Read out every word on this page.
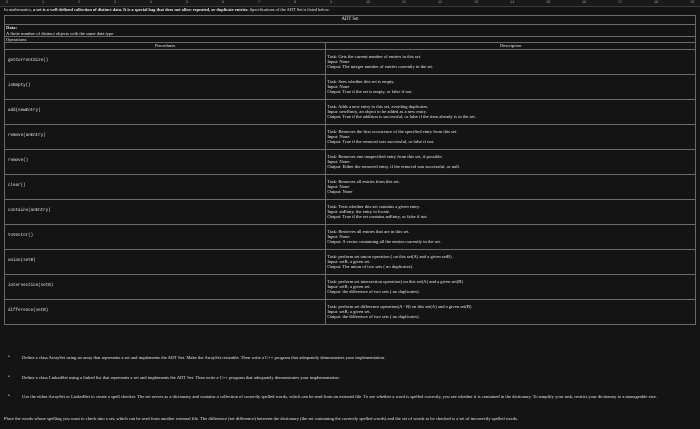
0	1	2	3	4	5	6	7	8	9	10	11	12	13	14	15	16	17	18	19
In mathematics, a set is a well-defined collection of distinct data. It is a special bag that does not allow repeated, or duplicate entries. Specifications of the ADT Set is listed below.
ADT Set	

Data:
A finite number of distinct objects with the same data type	

Operations:	
Procedures	Description
getCurrentSize()	Task: Gets the current number of entries in this set.
Input: None
Output: The integer number of entries currently in the set.

isEmpty()	Task: Sees whether this set is empty.
Input: None
Output: True if the set is empty, or false if not.

add(newEntry)	Task: Adds a new entry to this set, avoiding duplicates.
Input: newEntry, an object to be added as a new entry.
Output: True if the addition is successful, or false if the item already is in the set.

remove(anEntry)	Task: Removes the first occurrence of the specified entry from this set.
Input: None.
Output: True if the removal was successful, or false if not.

remove()	Task: Removes one unspecified entry from this set, if possible.
Input: None.
Output: Either the removed entry, if the removal was successful, or null.

clear()	Task: Removes all entries from this set.
Input: None
Output: None

contains(anEntry)	Task: Tests whether this set contains a given entry.
Input: anEntry, the entry to locate.
Output: True if the set contains anEntry, or false if not.

toVector()	Task: Retrieves all entries that are in this set.
Input: None.
Output: A vector containing all the entries currently in the set.

union(setB)	Task: perform set union operation ( on this set(A) and a given setB) .
Input: setB, a given set.
Output: The union of two sets ( no duplicates).

intersection(setB)	Task: perform set intersection operation) on this set(A) and a given set(B)
Input: setB, a given set.
Output: the difference of two sets ( no duplicates).

difference(setB)	Task: perform set difference operation(A - B) on this set(A) and a given set(B)
Input: setB, a given set.
Output: the difference of two sets ( no duplicates).
•	Define a class ArraySet using an array that represents a set and implements the ADT Set. Make the ArraySet resizable. Then write a C++ program that adequately demonstrates your implementation.
•	Define a class LinkedSet using a linked list that represents a set and implements the ADT Set. Then write a C++ program that adequately demonstrates your implementation.
•	Use the either ArraySet or LinkedSet to create a spell checker. The set serves as a dictionary and contains a collection of correctly spelled words, which can be read from an external file. To see whether a word is spelled correctly, you see whether it is contained in the dictionary. To simplify your task, restrict your dictionary to a manageable size.
Place the words whose spelling you want to check into a set, which can be read from another external file. The difference (set difference) between the dictionary (the set containing the correctly spelled words) and the set of words to be checked is a set of incorrectly spelled words.
